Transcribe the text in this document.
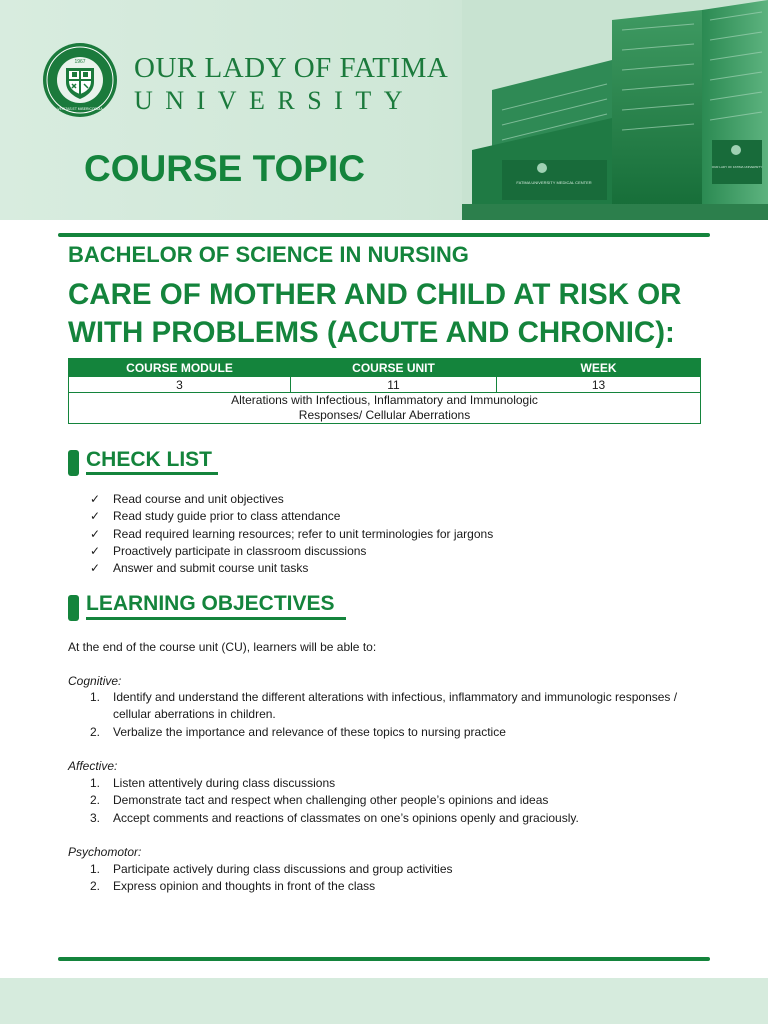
1967
VERITAS ET MISERICORDIA
OUR LADY OF FATIMA
UNIVERSITY
COURSE TOPIC	FATIMA UNIVERSITY MEDICAL CENTER
OUR LADY OF FATIMA UNIVERSITY
BACHELOR OF SCIENCE IN NURSING
CARE OF MOTHER AND CHILD AT RISK OR WITH PROBLEMS (ACUTE AND CHRONIC):
COURSE MODULE	COURSE UNIT	WEEK
3	11	13

Alterations with Infectious, Inflammatory and Immunologic
Responses/ Cellular Aberrations		
CHECK LIST
✓ Read course and unit objectives
✓ Read study guide prior to class attendance
✓ Read required learning resources; refer to unit terminologies for jargons
✓ Proactively participate in classroom discussions
✓ Answer and submit course unit tasks
LEARNING OBJECTIVES
At the end of the course unit (CU), learners will be able to:
Cognitive:
1.	Identify and understand the different alterations with infectious, inflammatory and immunologic responses / cellular aberrations in children.
2.	Verbalize the importance and relevance of these topics to nursing practice
Affective:
1.	Listen attentively during class discussions
2.	Demonstrate tact and respect when challenging other people’s opinions and ideas
3.	Accept comments and reactions of classmates on one’s opinions openly and graciously.
Psychomotor:
1.	Participate actively during class discussions and group activities
2.	Express opinion and thoughts in front of the class
